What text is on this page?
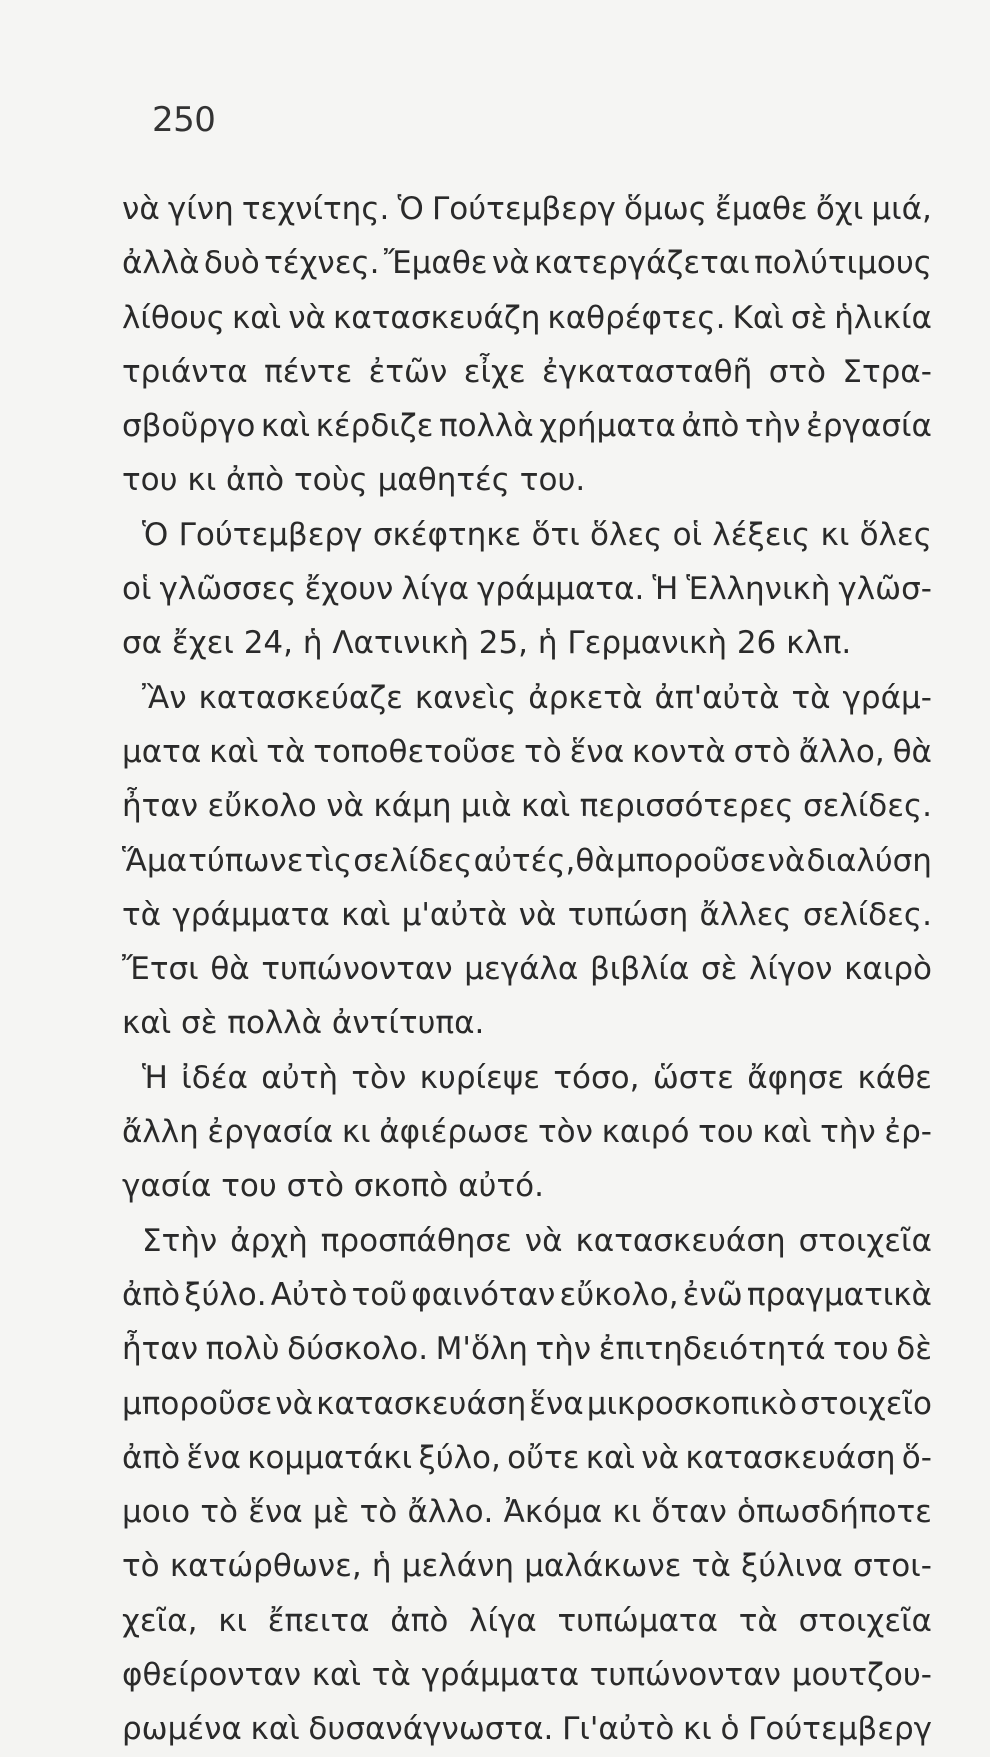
250
νὰ γίνη τεχνίτης. Ὁ Γούτεμβεργ ὅμως ἔμαθε ὄχι μιά,
ἀλλὰ δυὸ τέχνες. Ἔμαθε νὰ κατεργάζεται πολύτιμους
λίθους καὶ νὰ κατασκευάζη καθρέφτες. Καὶ σὲ ἡλικία
τριάντα πέντε ἐτῶν εἶχε ἐγκατασταθῆ στὸ Στρα-
σβοῦργο καὶ κέρδιζε πολλὰ χρήματα ἀπὸ τὴν ἐργασία
του κι ἀπὸ τοὺς μαθητές του.
Ὁ Γούτεμβεργ σκέφτηκε ὅτι ὅλες οἱ λέξεις κι ὅλες
οἱ γλῶσσες ἔχουν λίγα γράμματα. Ἡ Ἑλληνικὴ γλῶσ-
σα ἔχει 24, ἡ Λατινικὴ 25, ἡ Γερμανικὴ 26 κλπ.
Ἂν κατασκεύαζε κανεὶς ἀρκετὰ ἀπ'αὐτὰ τὰ γράμ-
ματα καὶ τὰ τοποθετοῦσε τὸ ἕνα κοντὰ στὸ ἄλλο, θὰ
ἦταν εὔκολο νὰ κάμη μιὰ καὶ περισσότερες σελίδες.
Ἅμα τύπωνε τὶς σελίδες αὐτές,θὰ μποροῦσε νὰ διαλύση
τὰ γράμματα καὶ μ'αὐτὰ νὰ τυπώση ἄλλες σελίδες.
Ἔτσι θὰ τυπώνονταν μεγάλα βιβλία σὲ λίγον καιρὸ
καὶ σὲ πολλὰ ἀντίτυπα.
Ἡ ἰδέα αὐτὴ τὸν κυρίεψε τόσο, ὥστε ἄφησε κάθε
ἄλλη ἐργασία κι ἀφιέρωσε τὸν καιρό του καὶ τὴν ἐρ-
γασία του στὸ σκοπὸ αὐτό.
Στὴν ἀρχὴ προσπάθησε νὰ κατασκευάση στοιχεῖα
ἀπὸ ξύλο. Αὐτὸ τοῦ φαινόταν εὔκολο, ἐνῶ πραγματικὰ
ἦταν πολὺ δύσκολο. Μ'ὅλη τὴν ἐπιτηδειότητά του δὲ
μποροῦσε νὰ κατασκευάση ἕνα μικροσκοπικὸ στοιχεῖο
ἀπὸ ἕνα κομματάκι ξύλο, οὔτε καὶ νὰ κατασκευάση ὅ-
μοιο τὸ ἕνα μὲ τὸ ἄλλο. Ἀκόμα κι ὅταν ὁπωσδήποτε
τὸ κατώρθωνε, ἡ μελάνη μαλάκωνε τὰ ξύλινα στοι-
χεῖα, κι ἔπειτα ἀπὸ λίγα τυπώματα τὰ στοιχεῖα
φθείρονταν καὶ τὰ γράμματα τυπώνονταν μουτζου-
ρωμένα καὶ δυσανάγνωστα. Γι'αὐτὸ κι ὁ Γούτεμβεργ
